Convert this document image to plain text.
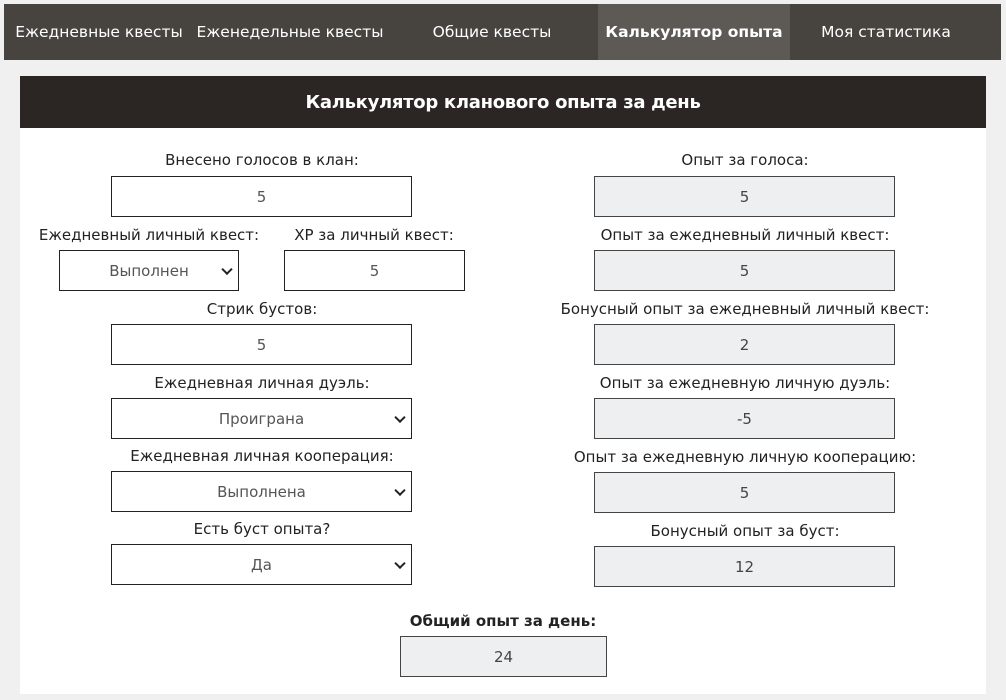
Ежедневные квесты Еженедельные квесты	Общие квесты	Калькулятор опыта	Моя статистика
Калькулятор кланового опыта за день
Внесено голосов в клан:
5
Ежедневный личный квест:
Выполнен
XP за личный квест:
5
Стрик бустов:
5
Ежедневная личная дуэль:
Проиграна
Ежедневная личная кооперация:
Выполнена
Есть буст опыта?
Да
Опыт за голоса:
5
Опыт за ежедневный личный квест:
5
Бонусный опыт за ежедневный личный квест:
2
Опыт за ежедневную личную дуэль:
-5
Опыт за ежедневную личную кооперацию:
5
Бонусный опыт за буст:
12
Общий опыт за день:
24
